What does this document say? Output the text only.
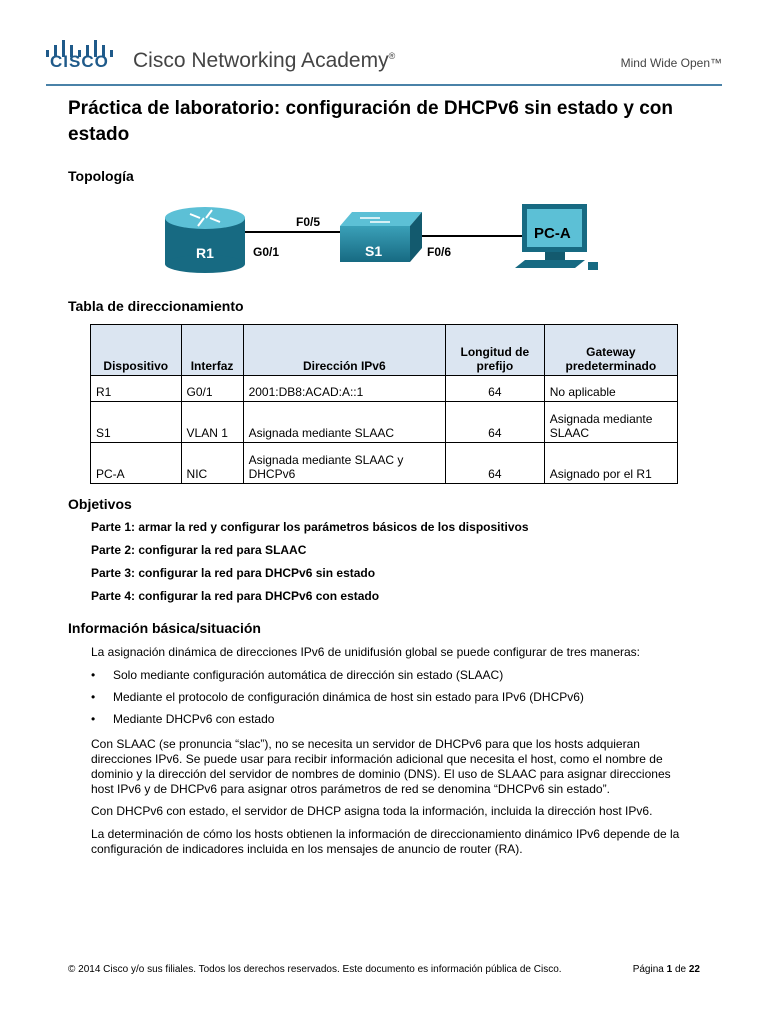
CISCO Cisco Networking Academy®	Mind Wide Open™
Práctica de laboratorio: configuración de DHCPv6 sin estado y con estado
Topología
R1	S1
PC-A
G0/1
F0/5
F0/6
Tabla de direccionamiento
Dispositivo	Interfaz	Dirección IPv6	Longitud de prefijo	Gateway predeterminado
R1	G0/1	2001:DB8:ACAD:A::1	64	No aplicable
S1	VLAN 1	Asignada mediante SLAAC	64	Asignada mediante SLAAC
PC-A	NIC	Asignada mediante SLAAC y DHCPv6	64	Asignado por el R1
Objetivos
Parte 1: armar la red y configurar los parámetros básicos de los dispositivos
Parte 2: configurar la red para SLAAC
Parte 3: configurar la red para DHCPv6 sin estado
Parte 4: configurar la red para DHCPv6 con estado
Información básica/situación
La asignación dinámica de direcciones IPv6 de unidifusión global se puede configurar de tres maneras:
• Solo mediante configuración automática de dirección sin estado (SLAAC)
• Mediante el protocolo de configuración dinámica de host sin estado para IPv6 (DHCPv6)
• Mediante DHCPv6 con estado
Con SLAAC (se pronuncia “slac”), no se necesita un servidor de DHCPv6 para que los hosts adquieran direcciones IPv6. Se puede usar para recibir información adicional que necesita el host, como el nombre de dominio y la dirección del servidor de nombres de dominio (DNS). El uso de SLAAC para asignar direcciones host IPv6 y de DHCPv6 para asignar otros parámetros de red se denomina “DHCPv6 sin estado”.
Con DHCPv6 con estado, el servidor de DHCP asigna toda la información, incluida la dirección host IPv6.
La determinación de cómo los hosts obtienen la información de direccionamiento dinámico IPv6 depende de la configuración de indicadores incluida en los mensajes de anuncio de router (RA).
© 2014 Cisco y/o sus filiales. Todos los derechos reservados. Este documento es información pública de Cisco.	Página 1 de 22
